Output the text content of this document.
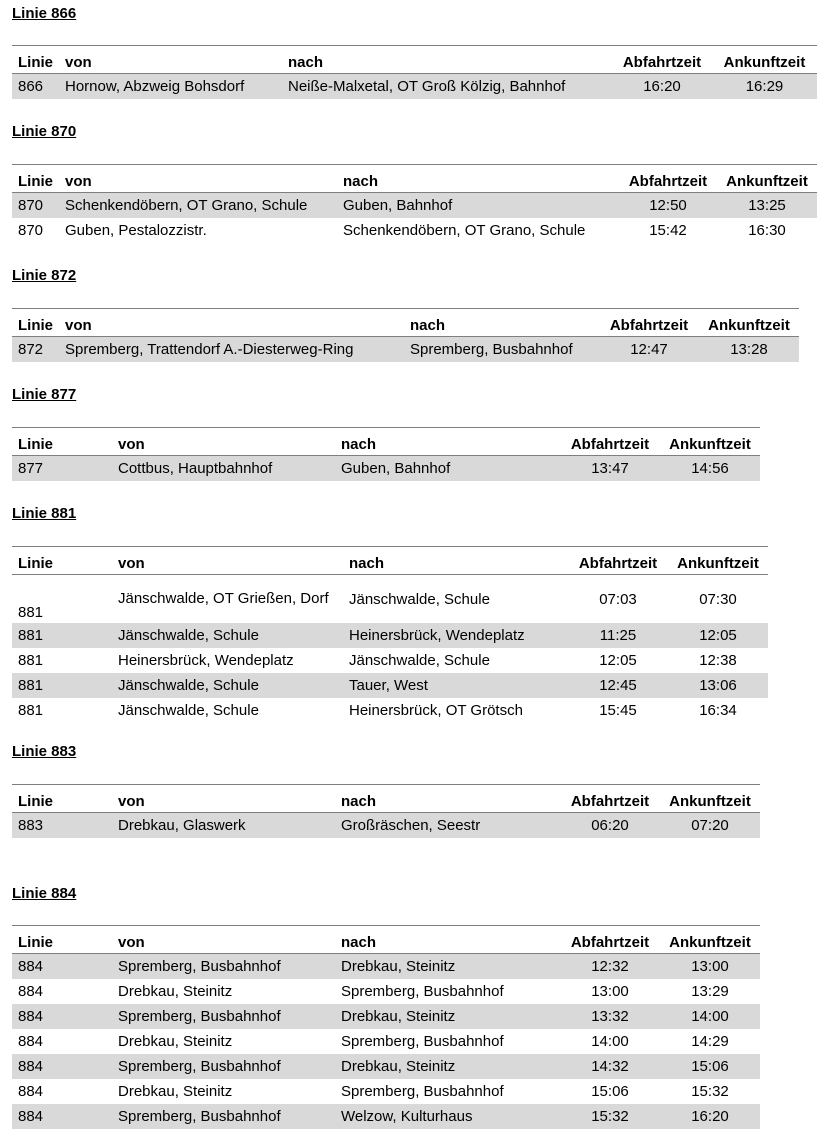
Linie 866
Linie	von	nach	Abfahrtzeit	Ankunftzeit
866	Hornow, Abzweig Bohsdorf	Neiße-Malxetal, OT Groß Kölzig, Bahnhof	16:20	16:29
Linie 870
Linie	von	nach	Abfahrtzeit	Ankunftzeit
870	Schenkendöbern, OT Grano, Schule	Guben, Bahnhof	12:50	13:25
870	Guben, Pestalozzistr.	Schenkendöbern, OT Grano, Schule	15:42	16:30
Linie 872
Linie	von	nach	Abfahrtzeit	Ankunftzeit
872	Spremberg, Trattendorf A.-Diesterweg-Ring	Spremberg, Busbahnhof	12:47	13:28
Linie 877
Linie	von	nach	Abfahrtzeit	Ankunftzeit
877	Cottbus, Hauptbahnhof	Guben, Bahnhof	13:47	14:56
Linie 881
Linie	von	nach	Abfahrtzeit	Ankunftzeit
881	Jänschwalde, OT Grießen, Dorf	Jänschwalde, Schule	07:03	07:30
881	Jänschwalde, Schule	Heinersbrück, Wendeplatz	11:25	12:05
881	Heinersbrück, Wendeplatz	Jänschwalde, Schule	12:05	12:38
881	Jänschwalde, Schule	Tauer, West	12:45	13:06
881	Jänschwalde, Schule	Heinersbrück, OT Grötsch	15:45	16:34
Linie 883
Linie	von	nach	Abfahrtzeit	Ankunftzeit
883	Drebkau, Glaswerk	Großräschen, Seestr	06:20	07:20
Linie 884
Linie	von	nach	Abfahrtzeit	Ankunftzeit
884	Spremberg, Busbahnhof	Drebkau, Steinitz	12:32	13:00
884	Drebkau, Steinitz	Spremberg, Busbahnhof	13:00	13:29
884	Spremberg, Busbahnhof	Drebkau, Steinitz	13:32	14:00
884	Drebkau, Steinitz	Spremberg, Busbahnhof	14:00	14:29
884	Spremberg, Busbahnhof	Drebkau, Steinitz	14:32	15:06
884	Drebkau, Steinitz	Spremberg, Busbahnhof	15:06	15:32
884	Spremberg, Busbahnhof	Welzow, Kulturhaus	15:32	16:20
